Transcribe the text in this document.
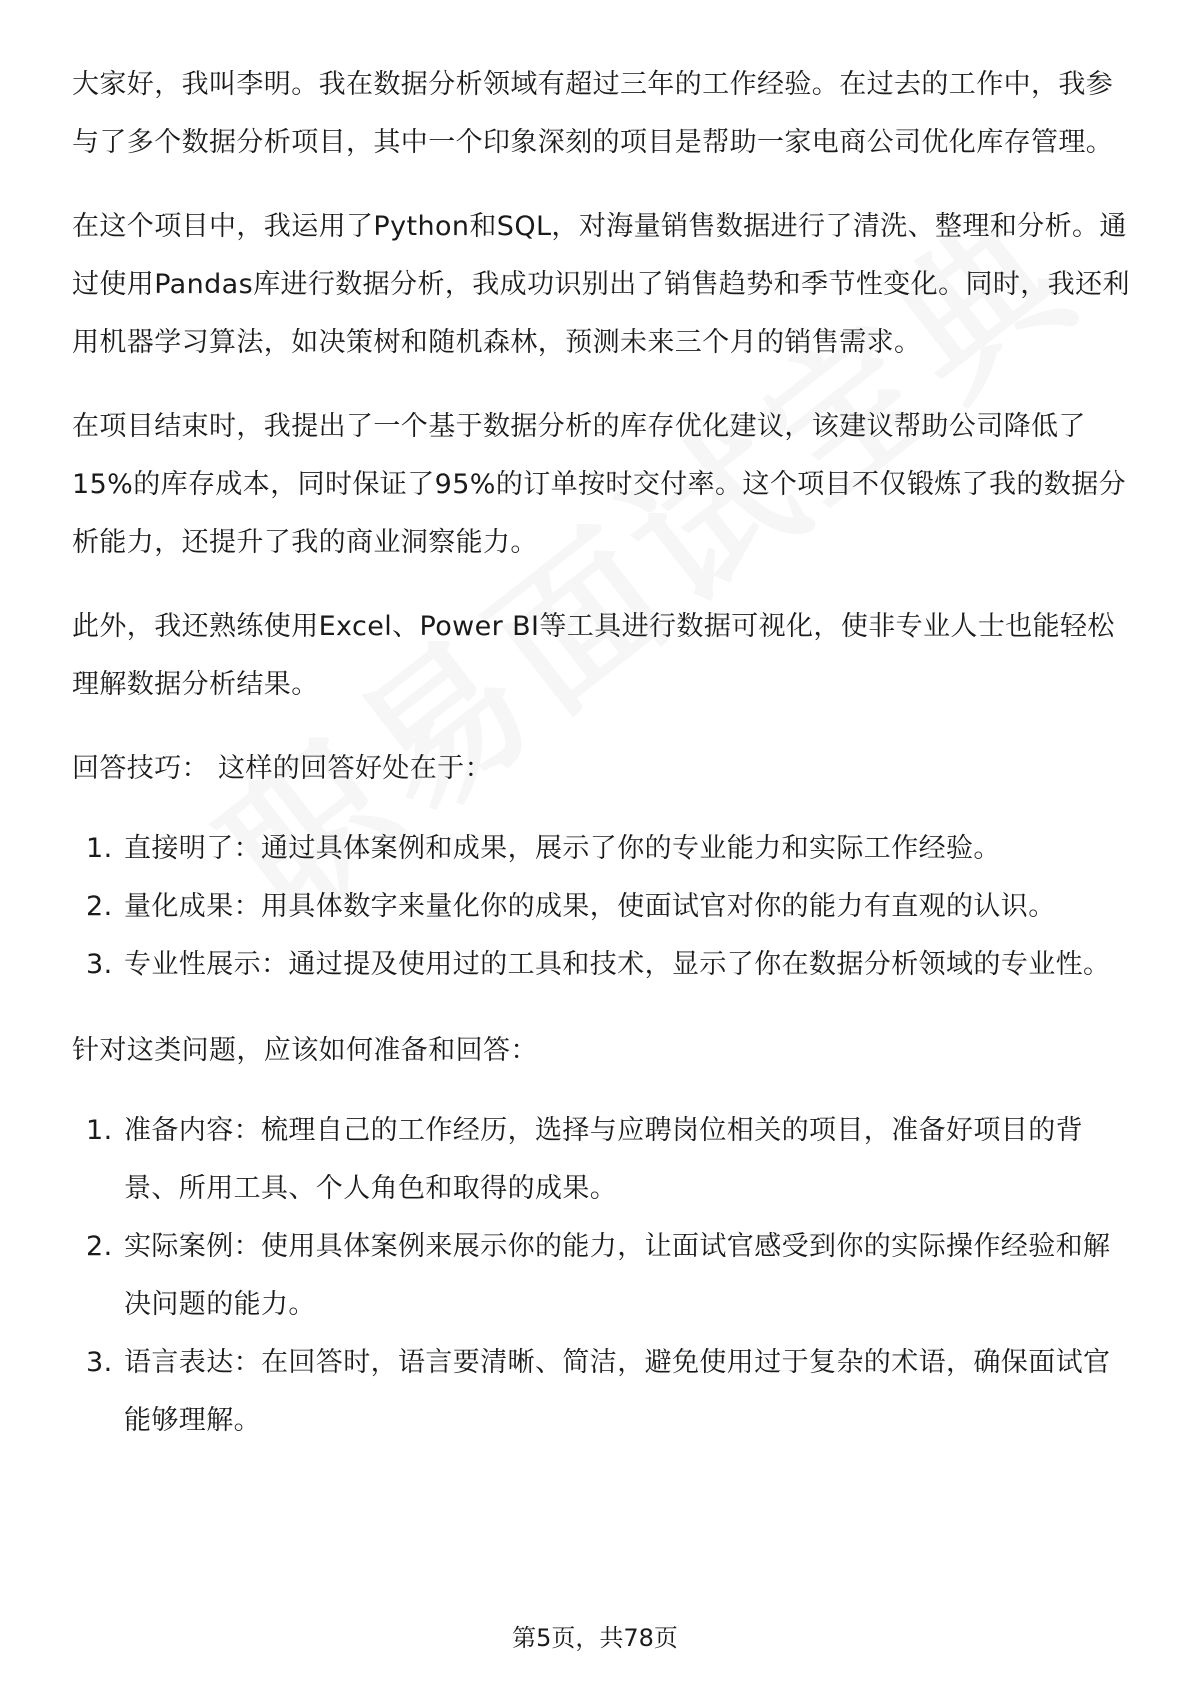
大家好，我叫李明。我在数据分析领域有超过三年的工作经验。在过去的工作中，我参与了多个数据分析项目，其中一个印象深刻的项目是帮助一家电商公司优化库存管理。

在这个项目中，我运用了Python和SQL，对海量销售数据进行了清洗、整理和分析。通过使用Pandas库进行数据分析，我成功识别出了销售趋势和季节性变化。同时，我还利用机器学习算法，如决策树和随机森林，预测未来三个月的销售需求。

在项目结束时，我提出了一个基于数据分析的库存优化建议，该建议帮助公司降低了15%的库存成本，同时保证了95%的订单按时交付率。这个项目不仅锻炼了我的数据分析能力，还提升了我的商业洞察能力。

此外，我还熟练使用Excel、Power BI等工具进行数据可视化，使非专业人士也能轻松理解数据分析结果。

回答技巧： 这样的回答好处在于：

1. 直接明了：通过具体案例和成果，展示了你的专业能力和实际工作经验。
2. 量化成果：用具体数字来量化你的成果，使面试官对你的能力有直观的认识。
3. 专业性展示：通过提及使用过的工具和技术，显示了你在数据分析领域的专业性。

针对这类问题，应该如何准备和回答：

1. 准备内容：梳理自己的工作经历，选择与应聘岗位相关的项目，准备好项目的背景、所用工具、个人角色和取得的成果。
2. 实际案例：使用具体案例来展示你的能力，让面试官感受到你的实际操作经验和解决问题的能力。
3. 语言表达：在回答时，语言要清晰、简洁，避免使用过于复杂的术语，确保面试官能够理解。
第5页，共78页
